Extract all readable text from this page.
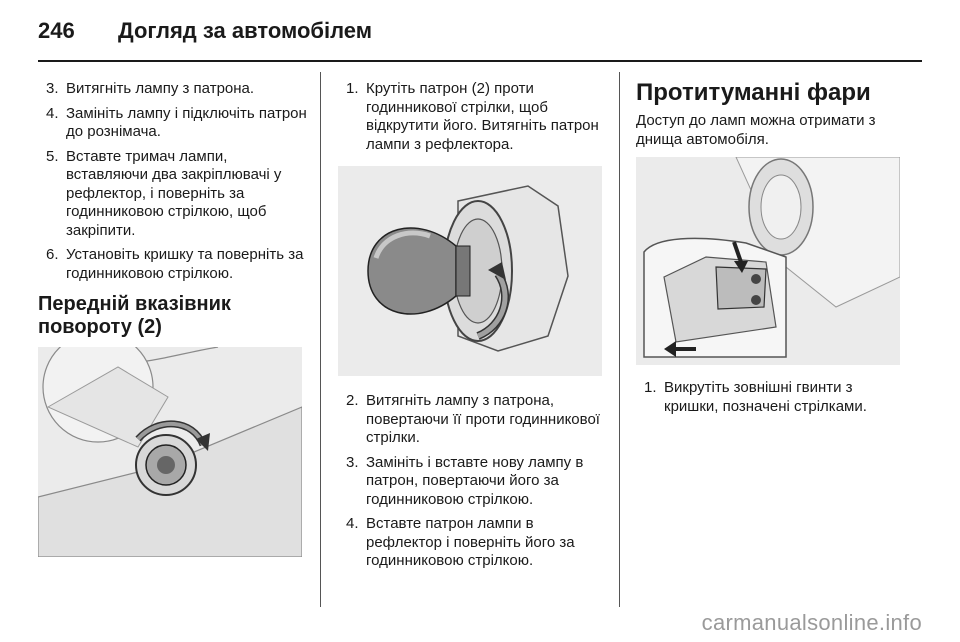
246 Догляд за автомобілем
3. Витягніть лампу з патрона.
4. Замініть лампу і підключіть патрон до рознімача.
5. Вставте тримач лампи, вставляючи два закріплювачі у рефлектор, і поверніть за годинниковою стрілкою, щоб закріпити.
6. Установіть кришку та поверніть за годинниковою стрілкою.
Передній вказівник повороту (2)
1. Крутіть патрон (2) проти годинникової стрілки, щоб відкрутити його. Витягніть патрон лампи з рефлектора.
2. Витягніть лампу з патрона, повертаючи її проти годинникової стрілки.
3. Замініть і вставте нову лампу в патрон, повертаючи його за годинниковою стрілкою.
4. Вставте патрон лампи в рефлектор і поверніть його за годинниковою стрілкою.
Протитуманні фари
Доступ до ламп можна отримати з днища автомобіля.
1. Викрутіть зовнішні гвинти з кришки, позначені стрілками.
carmanualsonline.info
